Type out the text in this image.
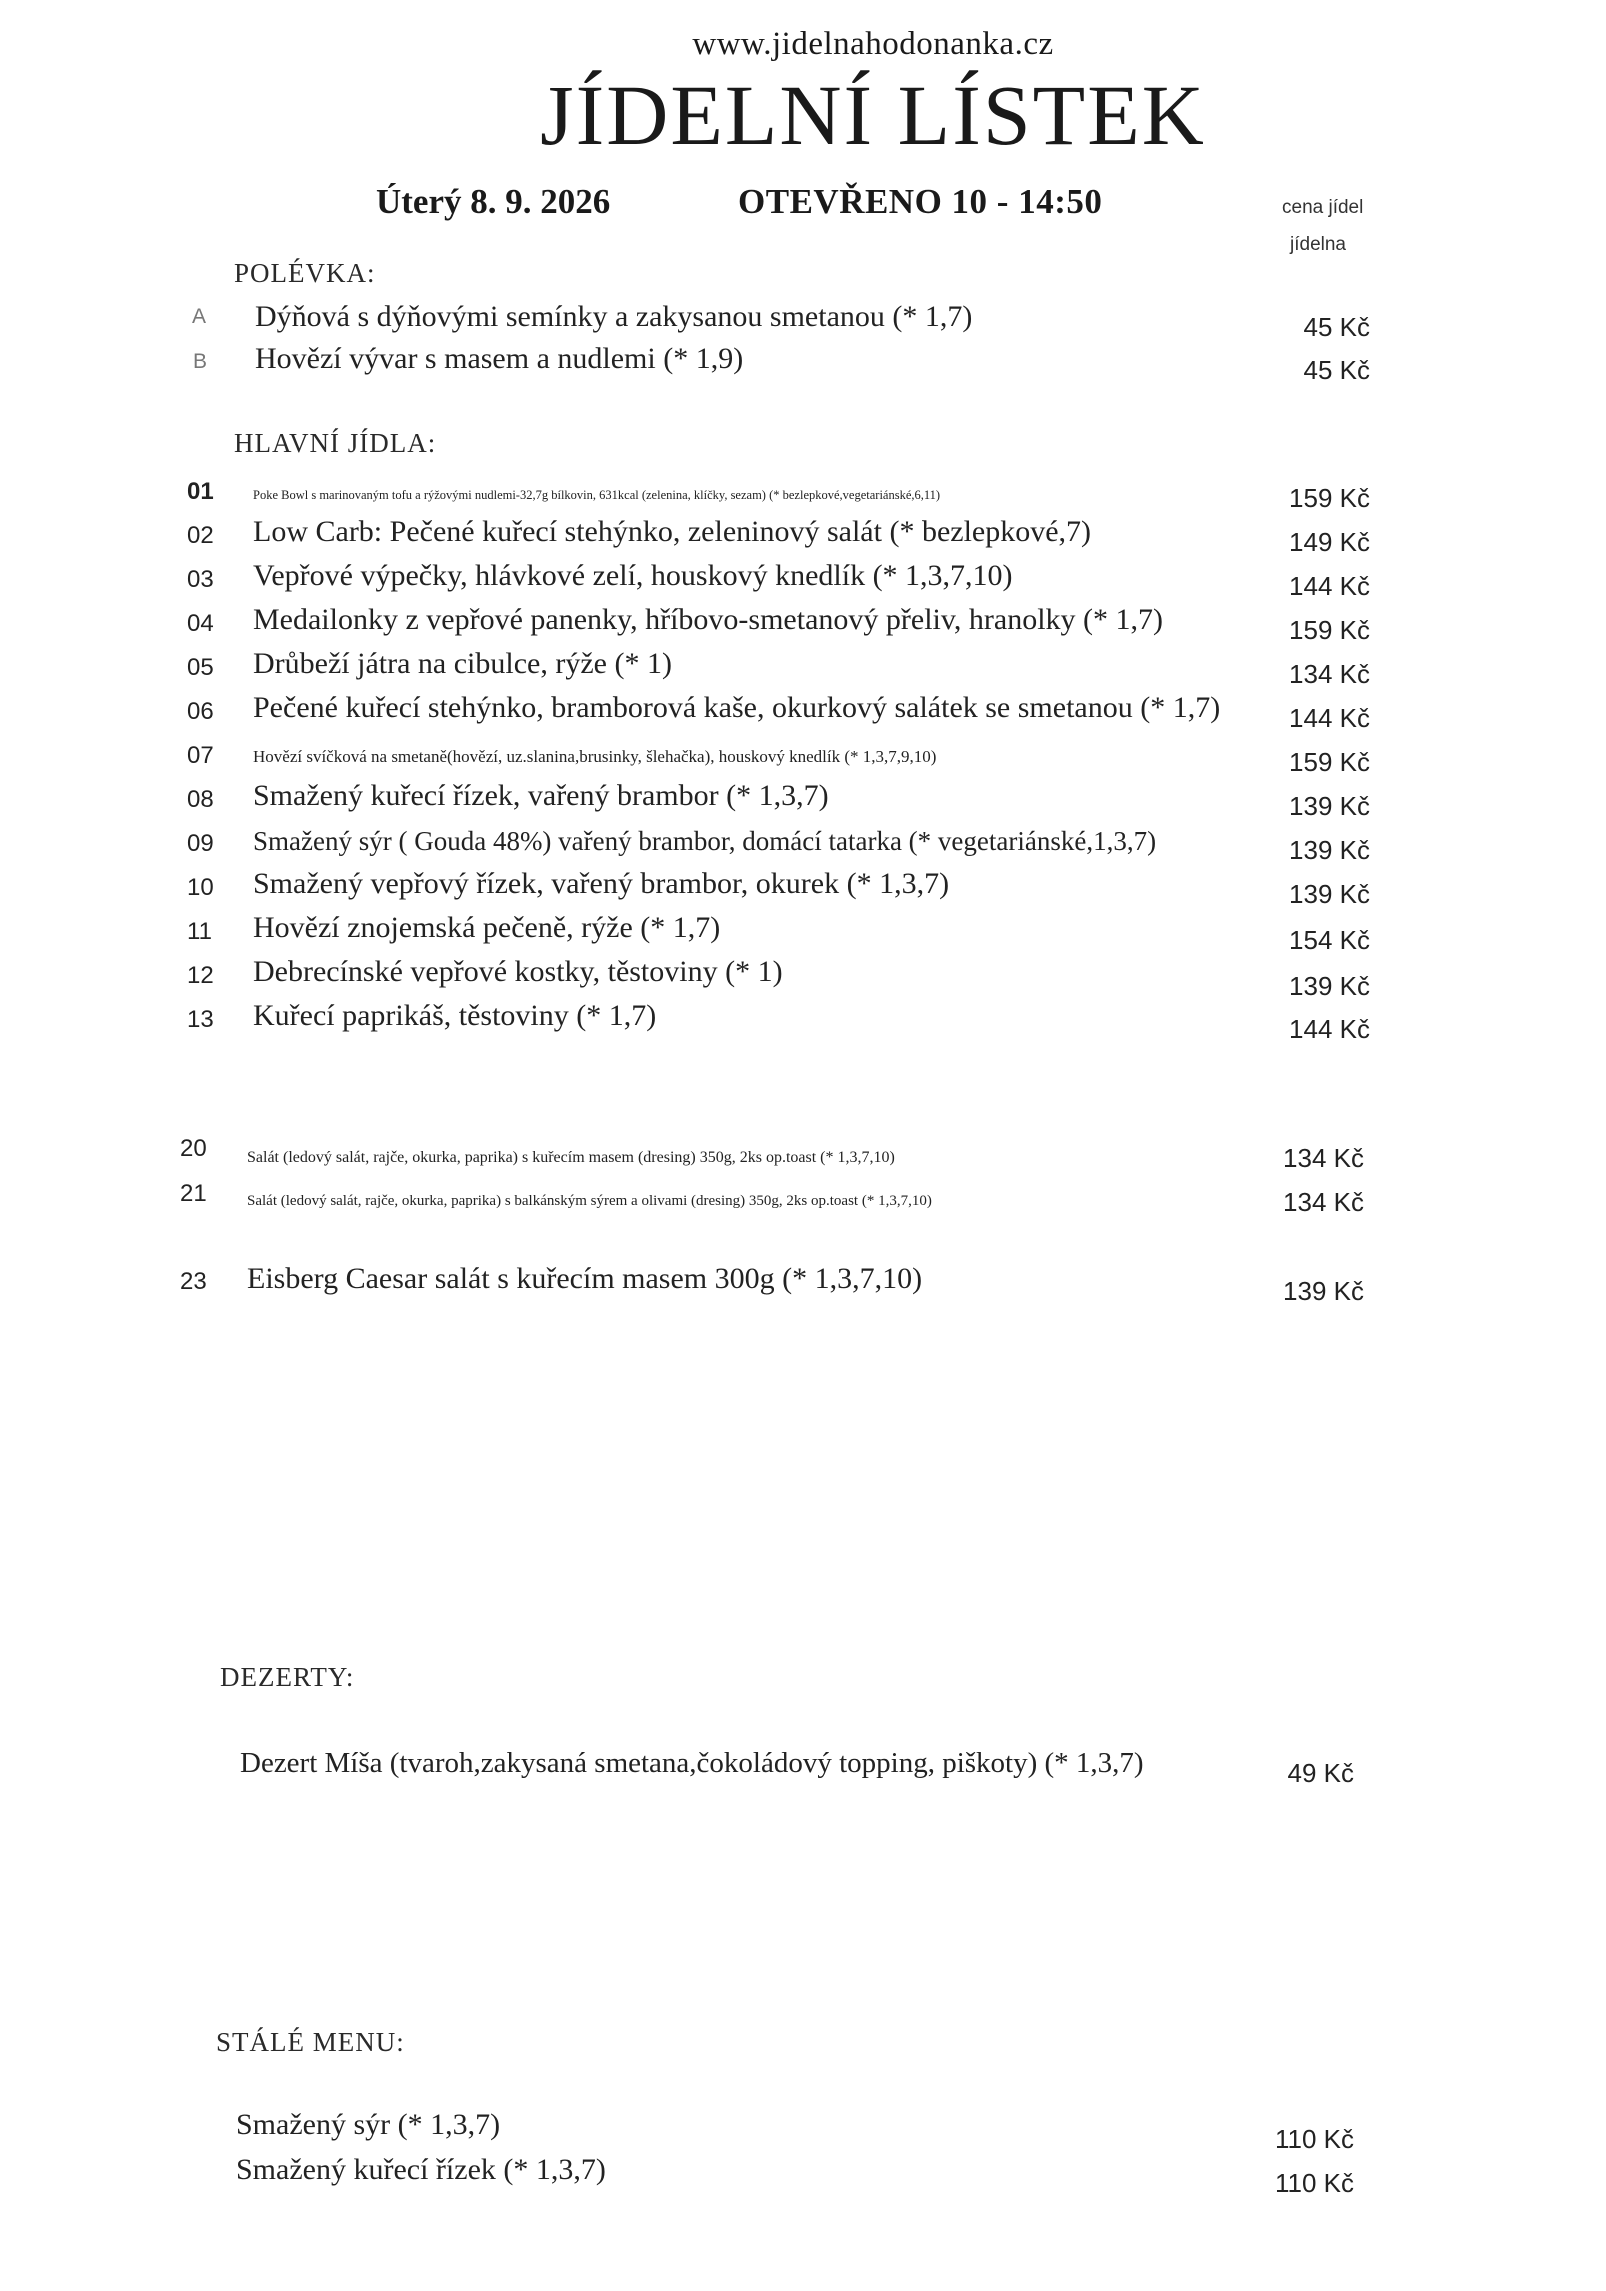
www.jidelnahodonanka.cz
JÍDELNÍ LÍSTEK
Úterý 8. 9. 2026	OTEVŘENO 10 - 14:50	cena jídel
jídelna
POLÉVKA:
A Dýňová s dýňovými semínky a zakysanou smetanou (* 1,7)	45 Kč
B Hovězí vývar s masem a nudlemi (* 1,9)	45 Kč
HLAVNÍ JÍDLA:
01	Poke Bowl s marinovaným tofu a rýžovými nudlemi-32,7g bílkovin, 631kcal (zelenina, klíčky, sezam) (* bezlepkové,vegetariánské,6,11)	159 Kč
02 Low Carb: Pečené kuřecí stehýnko, zeleninový salát (* bezlepkové,7)	149 Kč
03 Vepřové výpečky, hlávkové zelí, houskový knedlík (* 1,3,7,10)	144 Kč
04 Medailonky z vepřové panenky, hříbovo-smetanový přeliv, hranolky (* 1,7)	159 Kč
05 Drůbeží játra na cibulce, rýže (* 1)	134 Kč
06 Pečené kuřecí stehýnko, bramborová kaše, okurkový salátek se smetanou (* 1,7)	144 Kč
07 Hovězí svíčková na smetaně(hovězí, uz.slanina,brusinky, šlehačka), houskový knedlík (* 1,3,7,9,10)	159 Kč
08 Smažený kuřecí řízek, vařený brambor (* 1,3,7)	139 Kč
09 Smažený sýr ( Gouda 48%) vařený brambor, domácí tatarka (* vegetariánské,1,3,7)	139 Kč
10 Smažený vepřový řízek, vařený brambor, okurek (* 1,3,7)	139 Kč
11 Hovězí znojemská pečeně, rýže (* 1,7)	154 Kč
12 Debrecínské vepřové kostky, těstoviny (* 1)	139 Kč
13 Kuřecí paprikáš, těstoviny (* 1,7)	144 Kč
20	Salát (ledový salát, rajče, okurka, paprika) s kuřecím masem (dresing) 350g, 2ks op.toast (* 1,3,7,10)	134 Kč
21	Salát (ledový salát, rajče, okurka, paprika) s balkánským sýrem a olivami (dresing) 350g, 2ks op.toast (* 1,3,7,10)	134 Kč
23 Eisberg Caesar salát s kuřecím masem 300g (* 1,3,7,10)	139 Kč
DEZERTY:
Dezert Míša (tvaroh,zakysaná smetana,čokoládový topping, piškoty) (* 1,3,7)	49 Kč
STÁLÉ MENU:
Smažený sýr (* 1,3,7)	110 Kč
Smažený kuřecí řízek (* 1,3,7)	110 Kč
